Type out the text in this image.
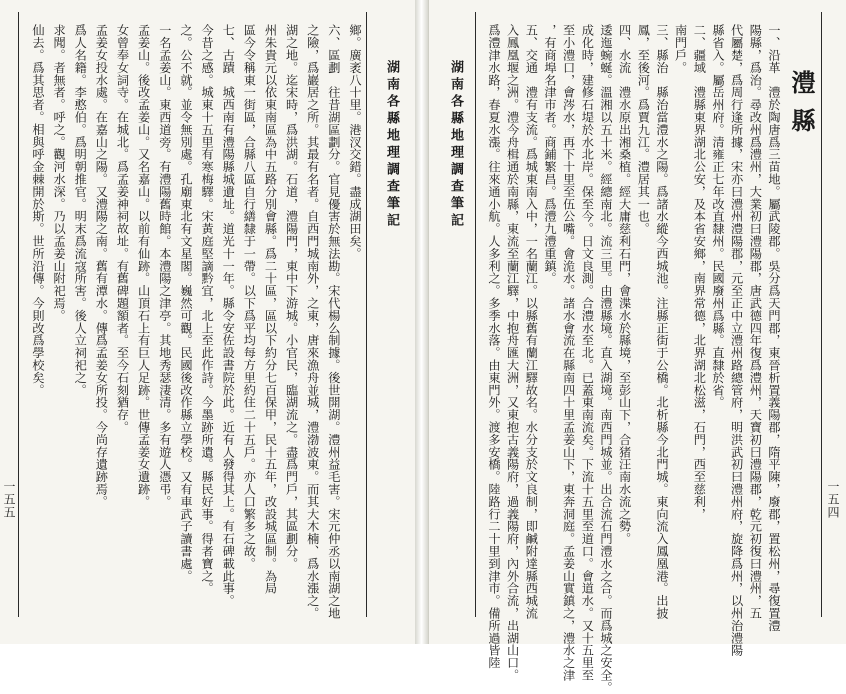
一五五
湖南各縣地理調查筆記
鄉。廣袤八十里。港汊交錯。盡成湖田矣。
六、區劃　往昔湖區劃分。官見優害於無法勘。宋代楊么制據。後世開湖。澧州益毛害。宋元仲丞以南湖之地
之險，爲巖居之所。其最有名者。自西門城南外，之東，唐來漁舟並城，澧渤波東。而其大木楠、爲水漲之。
湖之地。迄宋時，爲洪湖。石道，澧陽門，東中下游城。小官民，臨湖流之。盡爲門戶，其區劃分。
州朱貴元以依東南區為中五路分別會縣。爲二十區，區以下約分七百保甲，民十五年，改設城區制。為局
區今令稱東一街區，合縣八區自行繕隸于一帶。以下爲平均每方里約住二十五戶。亦人口繁多之故。
七、古蹟　城西南有澧陽縣城遺址。道光十一年。縣令安佐設書院於此。近有人發得其上。有石碑載此事。
今昔之感。城東十五里有寒梅驛。宋黃庭堅謫黔宜，北上至此作詩。今墨跡所遺。縣民好事。得者寶之。
之。公不就。並令無別處。孔廟東北有文星閣。巍然可觀。民國後改作縣立學校。又有車武子讀書處。
一名孟姜山。東西道旁。有澧陽舊時館。本澧陽之津亭。其地秀瑟淒清。多有遊人憑弔。
孟姜山。後改孟姜山。又名嘉山。以前有仙跡。山頂石上有巨人足跡。世傳孟姜女遺跡。
女曾奉女詞寺。在城北。爲孟姜神祠故址。有舊碑題額者。至今石刻猶存。
孟姜女投水處。在嘉山之陽。又澧陽之南。舊有潭水。傳爲孟姜女所投。今尚存遺跡焉。
爲人名籍。李憨伯。爲明朝推官。明末爲流寇所害。後人立祠祀之。
求聞。者無者。呼之。觀河水深。乃以孟姜山附祀焉。
仙去。爲其思者。相與呼金棘開於斯。世所沿傳。今則改爲學校矣。	湖南各縣地理調查筆記
一五四
澧縣
一、沿革　澧於陶唐爲三苗地。屬武陵郡。吳分爲天門郡，東晉析置義陽郡，隋平陳，廢郡，置松州，尋復置澧
陽縣，爲治。尋改州爲澧州，大業初曰澧陽郡，唐武德四年復爲澧州，天寶初曰澧陽郡，乾元初復曰澧州，五
代屬楚，爲周行逢所據，宋亦曰澧州澧陽郡，元至正中立澧州路總管府，明洪武初曰澧州府，旋降爲州，以州治澧陽
縣省入。屬岳州府。清雍正七年改直隸州。民國廢州爲縣。直隸於省。
二、疆域　澧縣東界湖北公安，及本省安鄉，南界常德，北界湖北松滋，石門，西至慈利，
南門戶。
三、縣治　縣治當澧水之陽。爲諸水縱今西城池。注縣正街于公橋。北析縣今北門城。東向流入鳳凰港。出披
鳳，至後河。爲賈九江。澧居其一也。
四、水流　澧水原出湘桑植。經大庸慈利石門，會渫水於縣境，至彭山下，合猪汪南水流之勢。
逶迤蜿蜒。溫湘以五十米。經總南北。流三里。由澧縣境。直入湖境。南西門城並。出合流石門澧水之合。而爲城之安全。
成化時，建修石堤於水北岸。保至今。日文良測。合澧水至北。已蓋東南流矣。下流十五里至道口。會道水。又十五里至
至小澧口，會涔水，再下十里至伍公嘴。會洈水。諸水會流在縣南四十里孟姜山下，東奔洞庭。孟姜山實鎮之，澧水之津
，有商埠名津市者。商鋪繁昌。爲澧九澧重鎮。
五、交通　澧有支流。爲城東南入中，一名蘭江。以縣舊有蘭江驛故名。水分支於文良制，即鹹附達縣西城流
入鳳凰堰之洲。澧今舟楫通於南縣，東流至蘭江驛，中抱舟匯大洲，又東抱古義陽府，過義陽府，內外合流，出湖山口。
爲澧津水路，春夏水漲。往來通小航。人多利之。多季水落。由東門外。渡多安橋。陸路行二十里到津市。備所過皆陸
